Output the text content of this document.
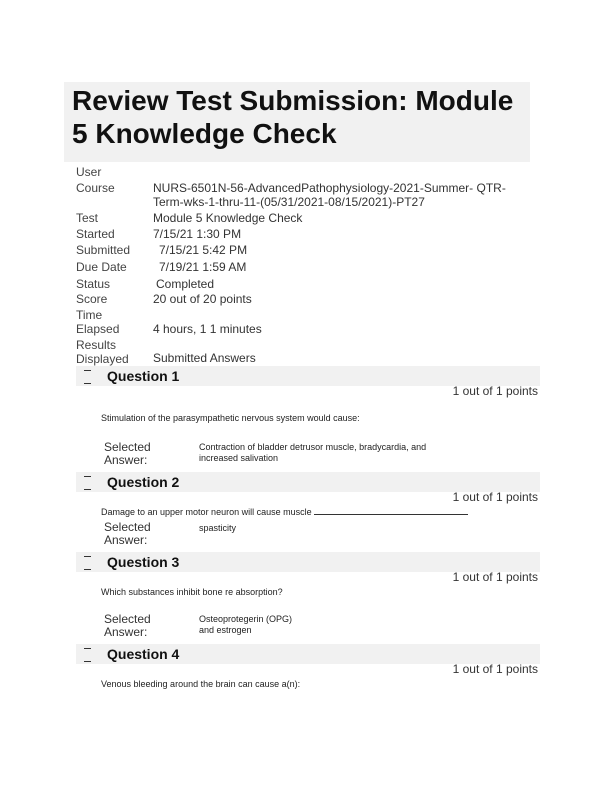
Review Test Submission: Module
5 Knowledge Check
User
Course	NURS-6501N-56-AdvancedPathophysiology-2021-Summer- QTR-
Term-wks-1-thru-11-(05/31/2021-08/15/2021)-PT27
Test	Module 5 Knowledge Check
Started	7/15/21 1:30 PM
Submitted	7/15/21 5:42 PM
Due Date	7/19/21 1:59 AM
Status	Completed
Score	20 out of 20 points
Time
Elapsed	4 hours, 1 1 minutes
Results
Displayed	Submitted Answers
Question 1
1 out of 1 points
Stimulation of the parasympathetic nervous system would cause:
Selected
Answer:
Contraction of bladder detrusor muscle, bradycardia, and
increased salivation
Question 2
1 out of 1 points
Damage to an upper motor neuron will cause muscle
Selected
Answer:
spasticity
Question 3
1 out of 1 points
Which substances inhibit bone re absorption?
Selected
Answer:
Osteoprotegerin (OPG)
and estrogen
Question 4
1 out of 1 points
Venous bleeding around the brain can cause a(n):
